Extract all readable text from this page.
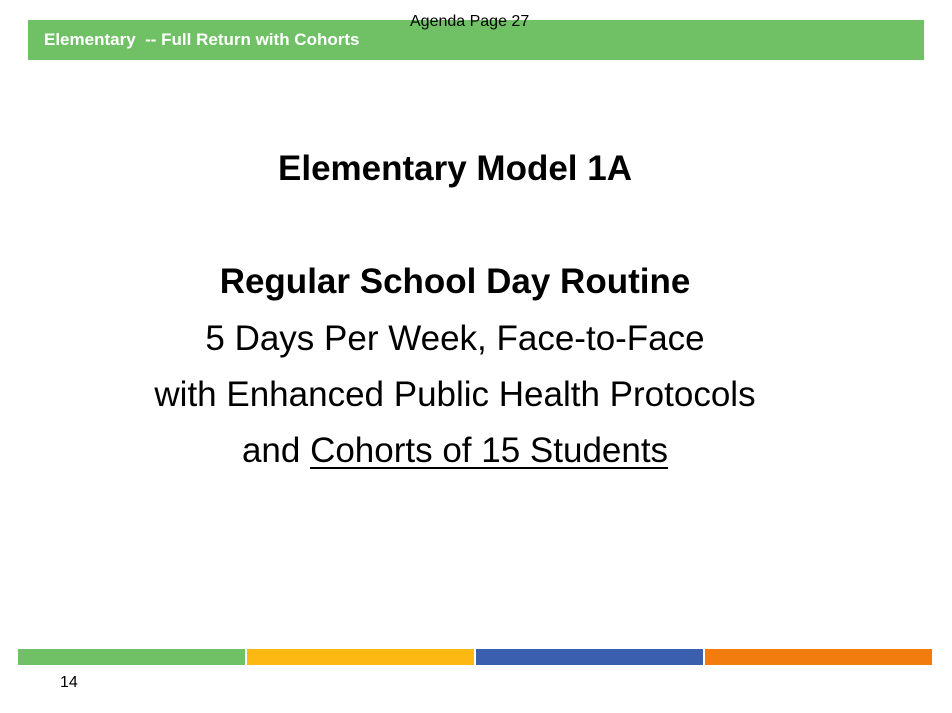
Elementary  -- Full Return with Cohorts
Agenda Page 27
Elementary Model 1A
Regular School Day Routine
5 Days Per Week, Face-to-Face
with Enhanced Public Health Protocols
and Cohorts of 15 Students
14
